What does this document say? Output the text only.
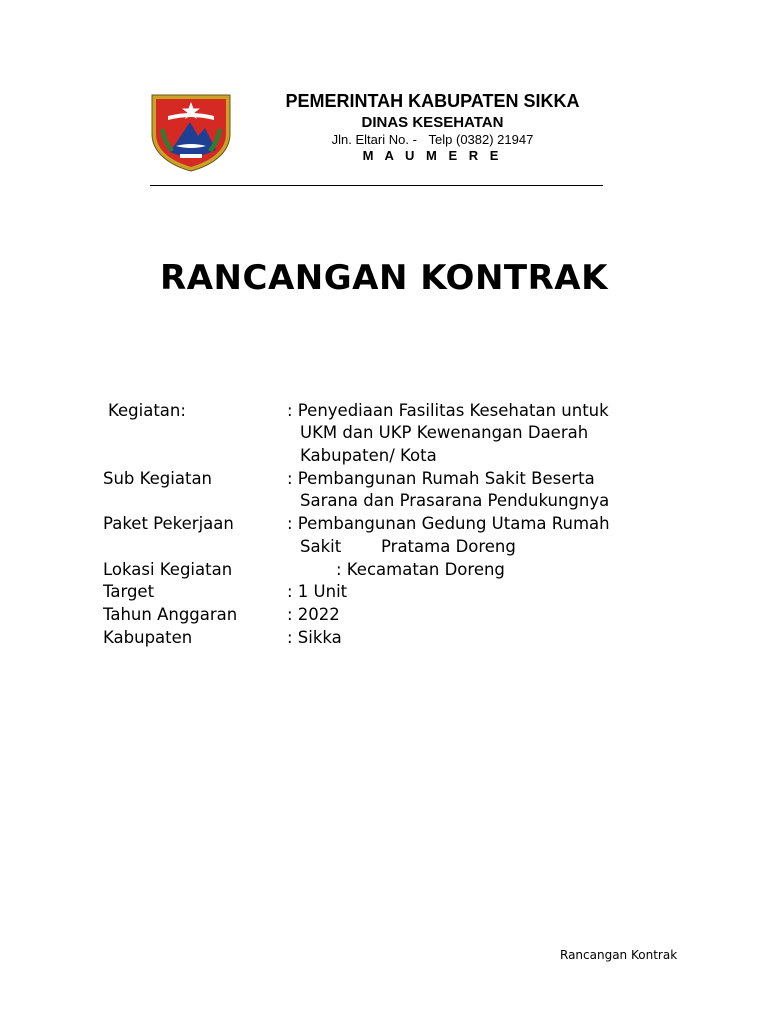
PEMERINTAH KABUPATEN SIKKA
DINAS KESEHATAN
Jln. Eltari No. - Telp (0382) 21947
M A U M E R E
RANCANGAN KONTRAK
Kegiatan:	: Penyediaan Fasilitas Kesehatan untuk
UKM dan UKP Kewenangan Daerah
Kabupaten/ Kota
Sub Kegiatan	: Pembangunan Rumah Sakit Beserta
Sarana dan Prasarana Pendukungnya
Paket Pekerjaan	: Pembangunan Gedung Utama Rumah
Sakit Pratama Doreng
Lokasi Kegiatan	: Kecamatan Doreng
Target	: 1 Unit
Tahun Anggaran	: 2022
Kabupaten	: Sikka
Rancangan Kontrak
